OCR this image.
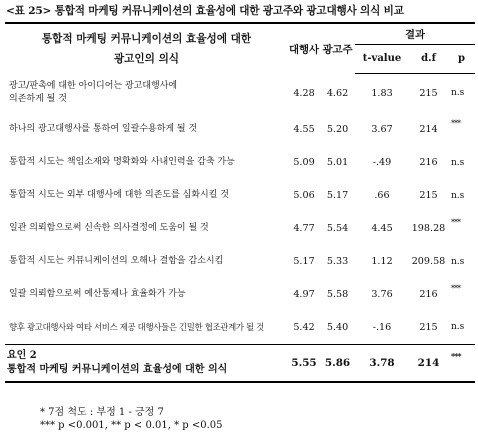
<표 25> 통합적 마케팅 커뮤니케이션의 효율성에 대한 광고주와 광고대행사 의식 비교
통합적 마케팅 커뮤니케이션의 효율성에 대한
광고인의 의식	대행사	광고주	결과		
			t-value	d.f	p

광고/판촉에 대한 아이디어는 광고대행사에
의존하게 될 것	4.28	4.62	1.83	215	n.s
하나의 광고대행사를 통하여 일괄수용하게 될 것	4.55	5.20	3.67	214	***
통합적 시도는 책임소재와 명확화와 사내인력을 감축 가능	5.09	5.01	-.49	216	n.s
통합적 시도는 외부 대행사에 대한 의존도를 심화시킬 것	5.06	5.17	.66	215	n.s
일관 의뢰함으로써 신속한 의사결정에 도움이 될 것	4.77	5.54	4.45	198.28	***
통합적 시도는 커뮤니케이션의 오해나 결함을 감소시킴	5.17	5.33	1.12	209.58	n.s
일괄 의뢰함으로써 예산통제나 효율화가 가능	4.97	5.58	3.76	216	***
향후 광고대행사와 여타 서비스 제공 대행사들은 긴밀한 협조관계가 될 것	5.42	5.40	-.16	215	n.s

요인 2
통합적 마케팅 커뮤니케이션의 효율성에 대한 의식	5.55	5.86	3.78	214	***
* 7점 척도 : 부정 1 - 긍정 7
*** p <0.001, ** p < 0.01, * p <0.05
